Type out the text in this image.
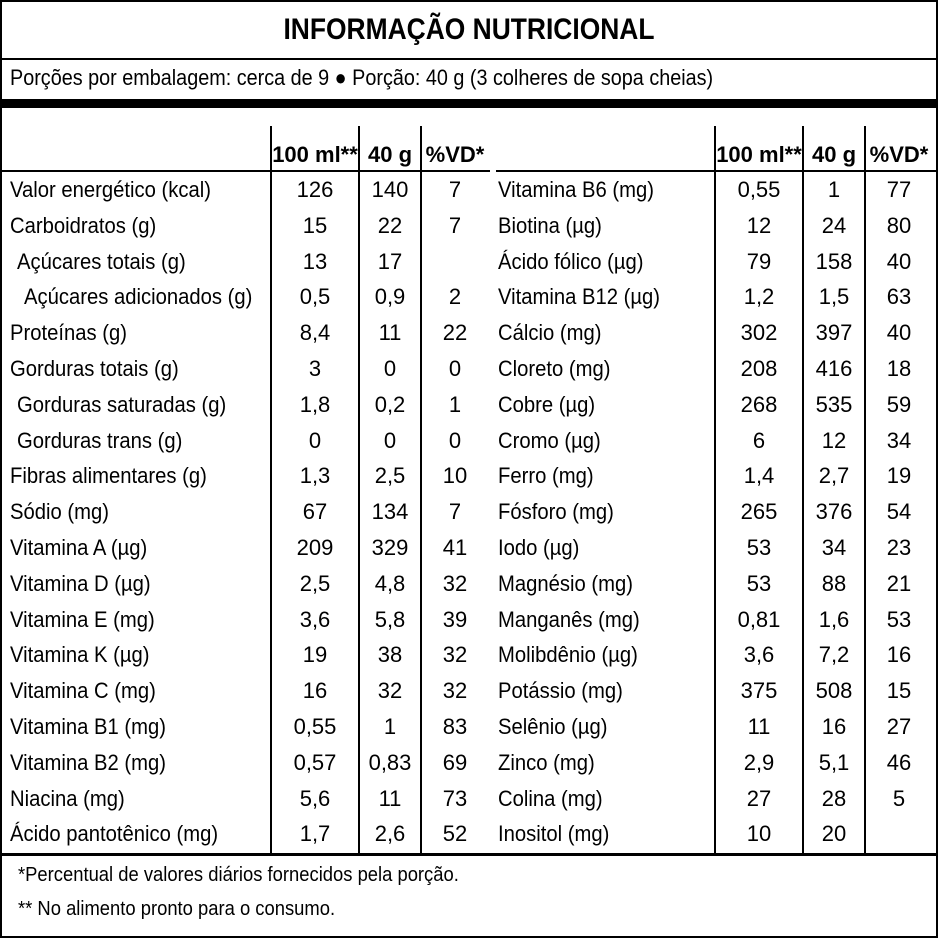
INFORMAÇÃO NUTRICIONAL
Porções por embalagem: cerca de 9 ● Porção: 40 g (3 colheres de sopa cheias)
100 ml** 40 g %VD*
Valor energético (kcal)	126	140	7
Carboidratos (g)	15	22	7
Açúcares totais (g)	13	17
Açúcares adicionados (g)	0,5	0,9	2
Proteínas (g)	8,4	11	22
Gorduras totais (g)	3	0	0
Gorduras saturadas (g)	1,8	0,2	1
Gorduras trans (g)	0	0	0
Fibras alimentares (g)	1,3	2,5	10
Sódio (mg)	67	134	7
Vitamina A (µg)	209	329	41
Vitamina D (µg)	2,5	4,8	32
Vitamina E (mg)	3,6	5,8	39
Vitamina K (µg)	19	38	32
Vitamina C (mg)	16	32	32
Vitamina B1 (mg)	0,55	1	83
Vitamina B2 (mg)	0,57	0,83	69
Niacina (mg)	5,6	11	73
Ácido pantotênico (mg)	1,7	2,6	52
100 ml** 40 g %VD*
Vitamina B6 (mg)	0,55	1	77
Biotina (µg)	12	24	80
Ácido fólico (µg)	79	158	40
Vitamina B12 (µg)	1,2	1,5	63
Cálcio (mg)	302	397	40
Cloreto (mg)	208	416	18
Cobre (µg)	268	535	59
Cromo (µg)	6	12	34
Ferro (mg)	1,4	2,7	19
Fósforo (mg)	265	376	54
Iodo (µg)	53	34	23
Magnésio (mg)	53	88	21
Manganês (mg)	0,81	1,6	53
Molibdênio (µg)	3,6	7,2	16
Potássio (mg)	375	508	15
Selênio (µg)	11	16	27
Zinco (mg)	2,9	5,1	46
Colina (mg)	27	28	5
Inositol (mg)	10	20
*Percentual de valores diários fornecidos pela porção.
** No alimento pronto para o consumo.
